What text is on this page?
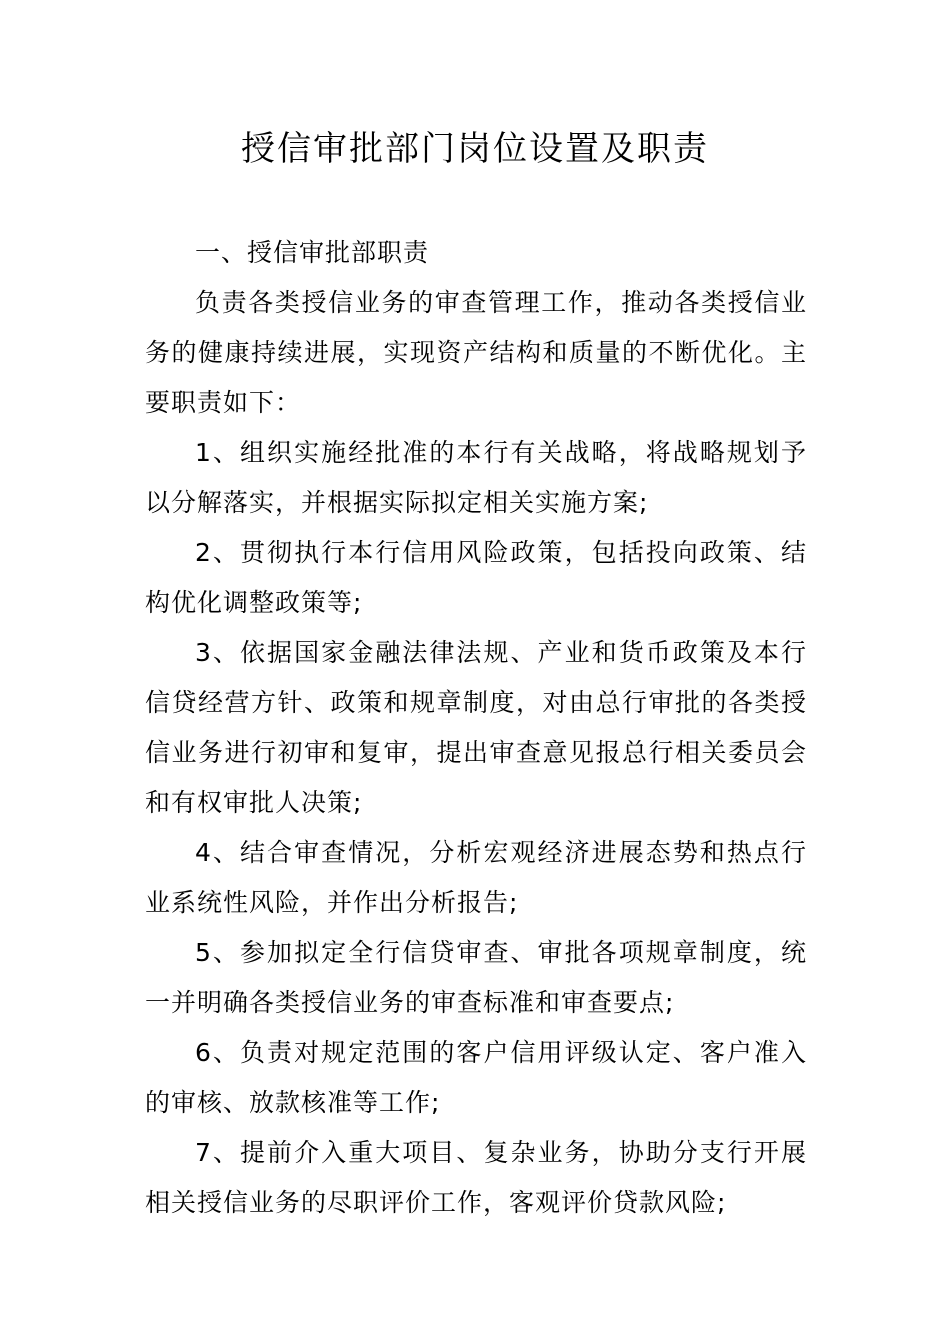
授信审批部门岗位设置及职责

一、授信审批部职责

负责各类授信业务的审查管理工作，推动各类授信业务的健康持续进展，实现资产结构和质量的不断优化。主要职责如下：

1、组织实施经批准的本行有关战略，将战略规划予以分解落实，并根据实际拟定相关实施方案;

2、贯彻执行本行信用风险政策，包括投向政策、结构优化调整政策等;

3、依据国家金融法律法规、产业和货币政策及本行信贷经营方针、政策和规章制度，对由总行审批的各类授信业务进行初审和复审，提出审查意见报总行相关委员会和有权审批人决策;

4、结合审查情况，分析宏观经济进展态势和热点行业系统性风险，并作出分析报告;

5、参加拟定全行信贷审查、审批各项规章制度，统一并明确各类授信业务的审查标准和审查要点;

6、负责对规定范围的客户信用评级认定、客户准入的审核、放款核准等工作;

7、提前介入重大项目、复杂业务，协助分支行开展相关授信业务的尽职评价工作，客观评价贷款风险;
